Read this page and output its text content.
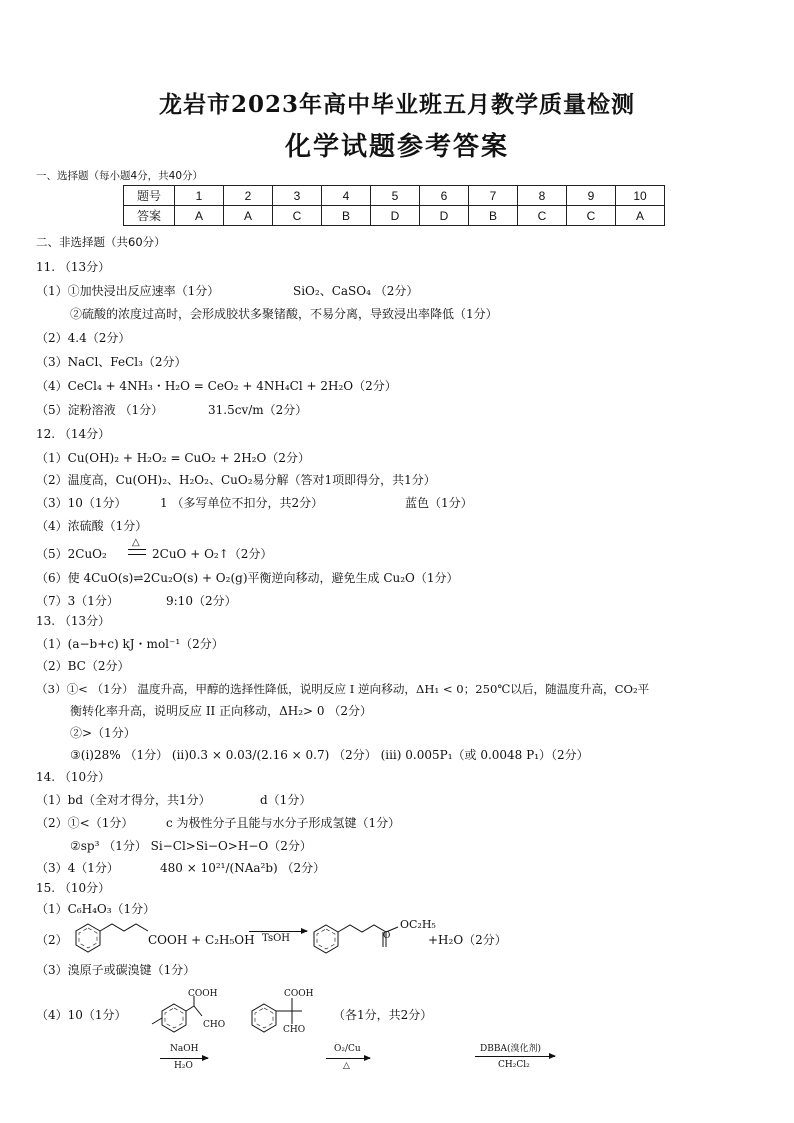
龙岩市2023年高中毕业班五月教学质量检测
化学试题参考答案
一、选择题（每小题4分，共40分）
题号	1	2	3	4	5	6	7	8	9	10
答案	A	A	C	B	D	D	B	C	C	A
二、非选择题（共60分）
11. （13分）
（1）①加快浸出反应速率（1分）	SiO₂、CaSO₄ （2分）
②硫酸的浓度过高时，会形成胶状多聚锗酸，不易分离，导致浸出率降低（1分）
（2）4.4（2分）
（3）NaCl、FeCl₃（2分）
（4）CeCl₄ + 4NH₃・H₂O = CeO₂ + 4NH₄Cl + 2H₂O（2分）
（5）淀粉溶液 （1分）	31.5cv/m（2分）
12. （14分）
（1）Cu(OH)₂ + H₂O₂ = CuO₂ + 2H₂O（2分）
（2）温度高，Cu(OH)₂、H₂O₂、CuO₂易分解（答对1项即得分，共1分）
（3）10（1分）	1 （多写单位不扣分，共2分）	蓝色（1分）
（4）浓硫酸（1分）
（5）2CuO₂
△
2CuO + O₂↑（2分）
（6）使 4CuO(s)⇌2Cu₂O(s) + O₂(g)平衡逆向移动，避免生成 Cu₂O（1分）
（7）3（1分）	9:10（2分）
13. （13分）
（1）(a−b+c) kJ・mol⁻¹（2分）
（2）BC（2分）
（3）①< （1分） 温度升高，甲醇的选择性降低，说明反应 I 逆向移动，ΔH₁ < 0；250℃以后，随温度升高，CO₂平
衡转化率升高，说明反应 II 正向移动，ΔH₂> 0 （2分）
②>（1分）
③(i)28% （1分） (ii)0.3 × 0.03/(2.16 × 0.7) （2分） (iii) 0.005P₁（或 0.0048 P₁）（2分）
14. （10分）
（1）bd（全对才得分，共1分）	d（1分）
（2）①<（1分）	c 为极性分子且能与水分子形成氢键（1分）
②sp³ （1分） Si−Cl>Si−O>H−O（2分）
（3）4（1分）	480 × 10²¹/(NAa²b) （2分）
15. （10分）
（1）C₆H₄O₃（1分）
（2）	COOH + C₂H₅OH TsOH	O
OC₂H₅
+H₂O（2分）
（3）溴原子或碳溴键（1分）
（4）10（1分）
COOH
CHO
COOH
CHO
（各1分，共2分）
NaOH
H₂O
O₂/Cu
△
DBBA(溴化剂)
CH₂Cl₂
